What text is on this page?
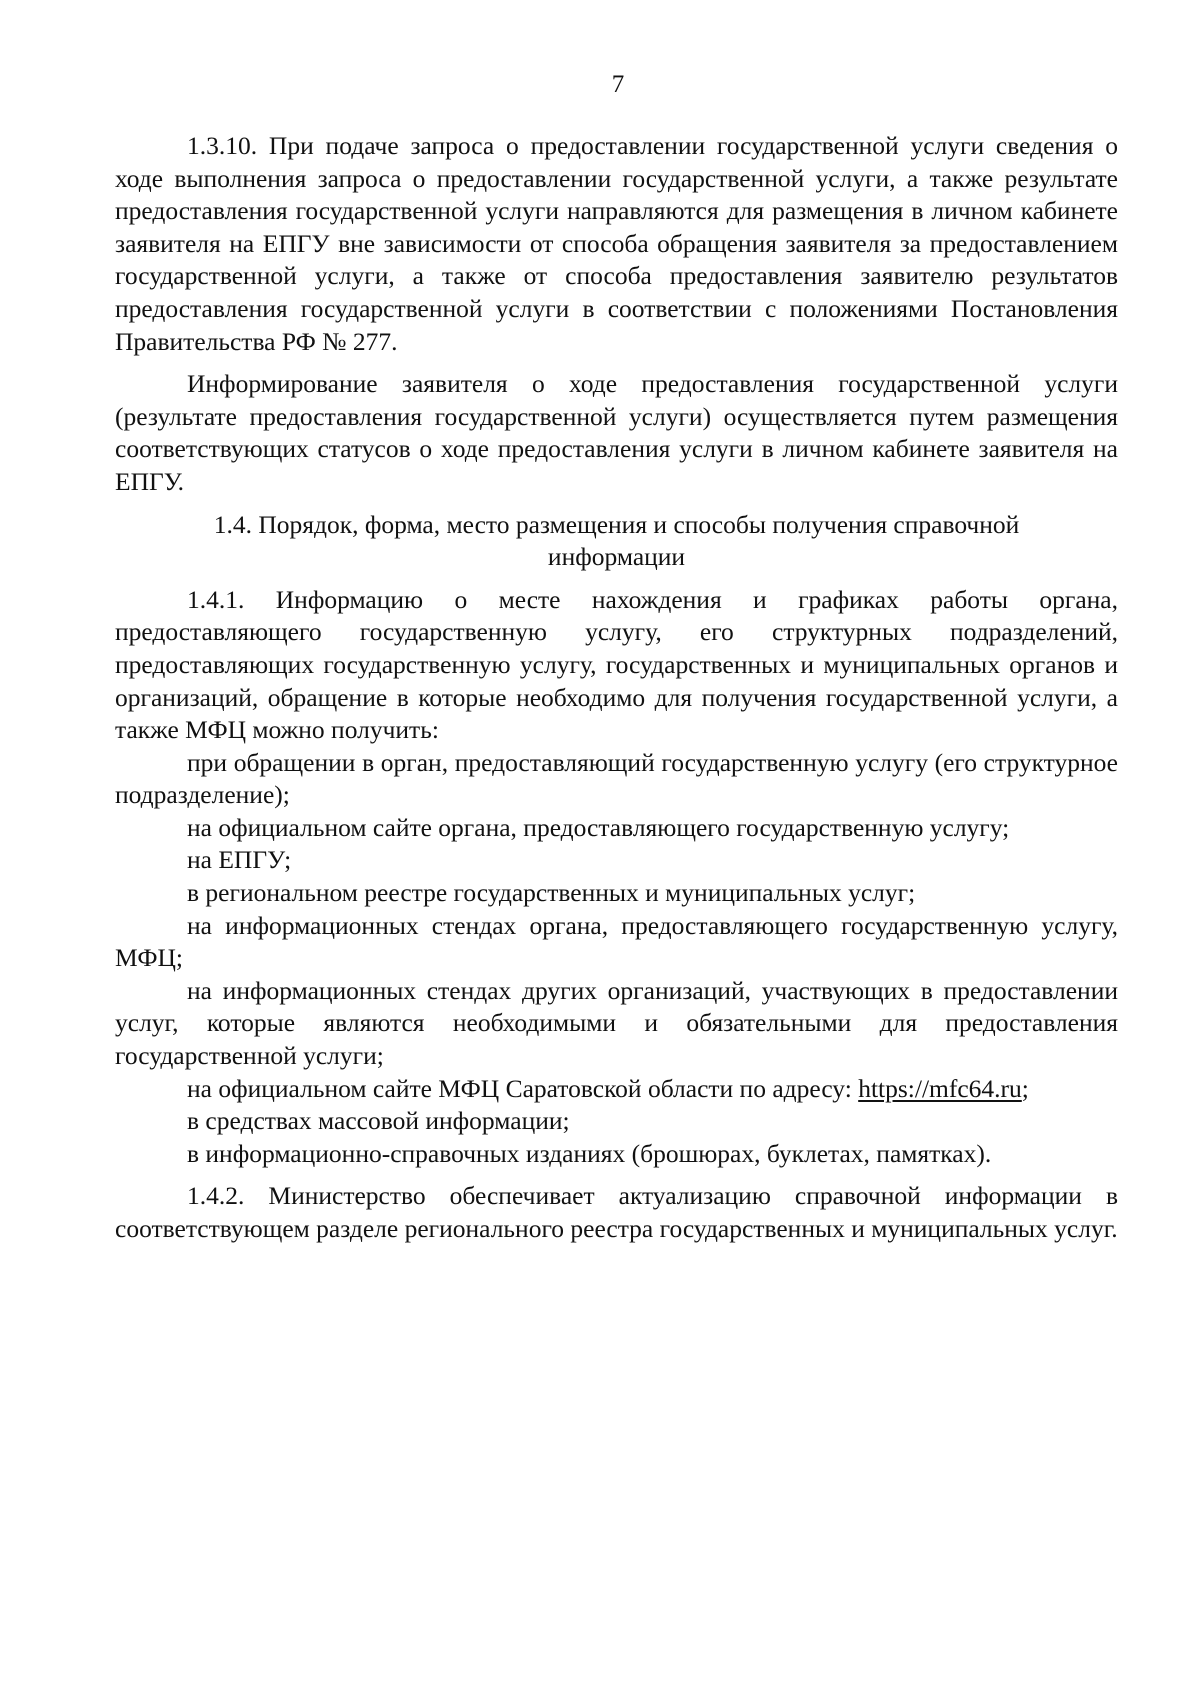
7

1.3.10. При подаче запроса о предоставлении государственной услуги сведения о ходе выполнения запроса о предоставлении государственной услуги, а также результате предоставления государственной услуги направляются для размещения в личном кабинете заявителя на ЕПГУ вне зависимости от способа обращения заявителя за предоставлением государственной услуги, а также от способа предоставления заявителю результатов предоставления государственной услуги в соответствии с положениями Постановления Правительства РФ № 277.

Информирование заявителя о ходе предоставления государственной услуги (результате предоставления государственной услуги) осуществляется путем размещения соответствующих статусов о ходе предоставления услуги в личном кабинете заявителя на ЕПГУ.

1.4. Порядок, форма, место размещения и способы получения справочной информации

1.4.1. Информацию о месте нахождения и графиках работы органа, предоставляющего государственную услугу, его структурных подразделений, предоставляющих государственную услугу, государственных и муниципальных органов и организаций, обращение в которые необходимо для получения государственной услуги, а также МФЦ можно получить:

при обращении в орган, предоставляющий государственную услугу (его структурное подразделение);

на официальном сайте органа, предоставляющего государственную услугу;

на ЕПГУ;

в региональном реестре государственных и муниципальных услуг;

на информационных стендах органа, предоставляющего государственную услугу, МФЦ;

на информационных стендах других организаций, участвующих в предоставлении услуг, которые являются необходимыми и обязательными для предоставления государственной услуги;

на официальном сайте МФЦ Саратовской области по адресу: https://mfc64.ru;

в средствах массовой информации;

в информационно-справочных изданиях (брошюрах, буклетах, памятках).

1.4.2. Министерство обеспечивает актуализацию справочной информации в соответствующем разделе регионального реестра государственных и муниципальных услуг.
